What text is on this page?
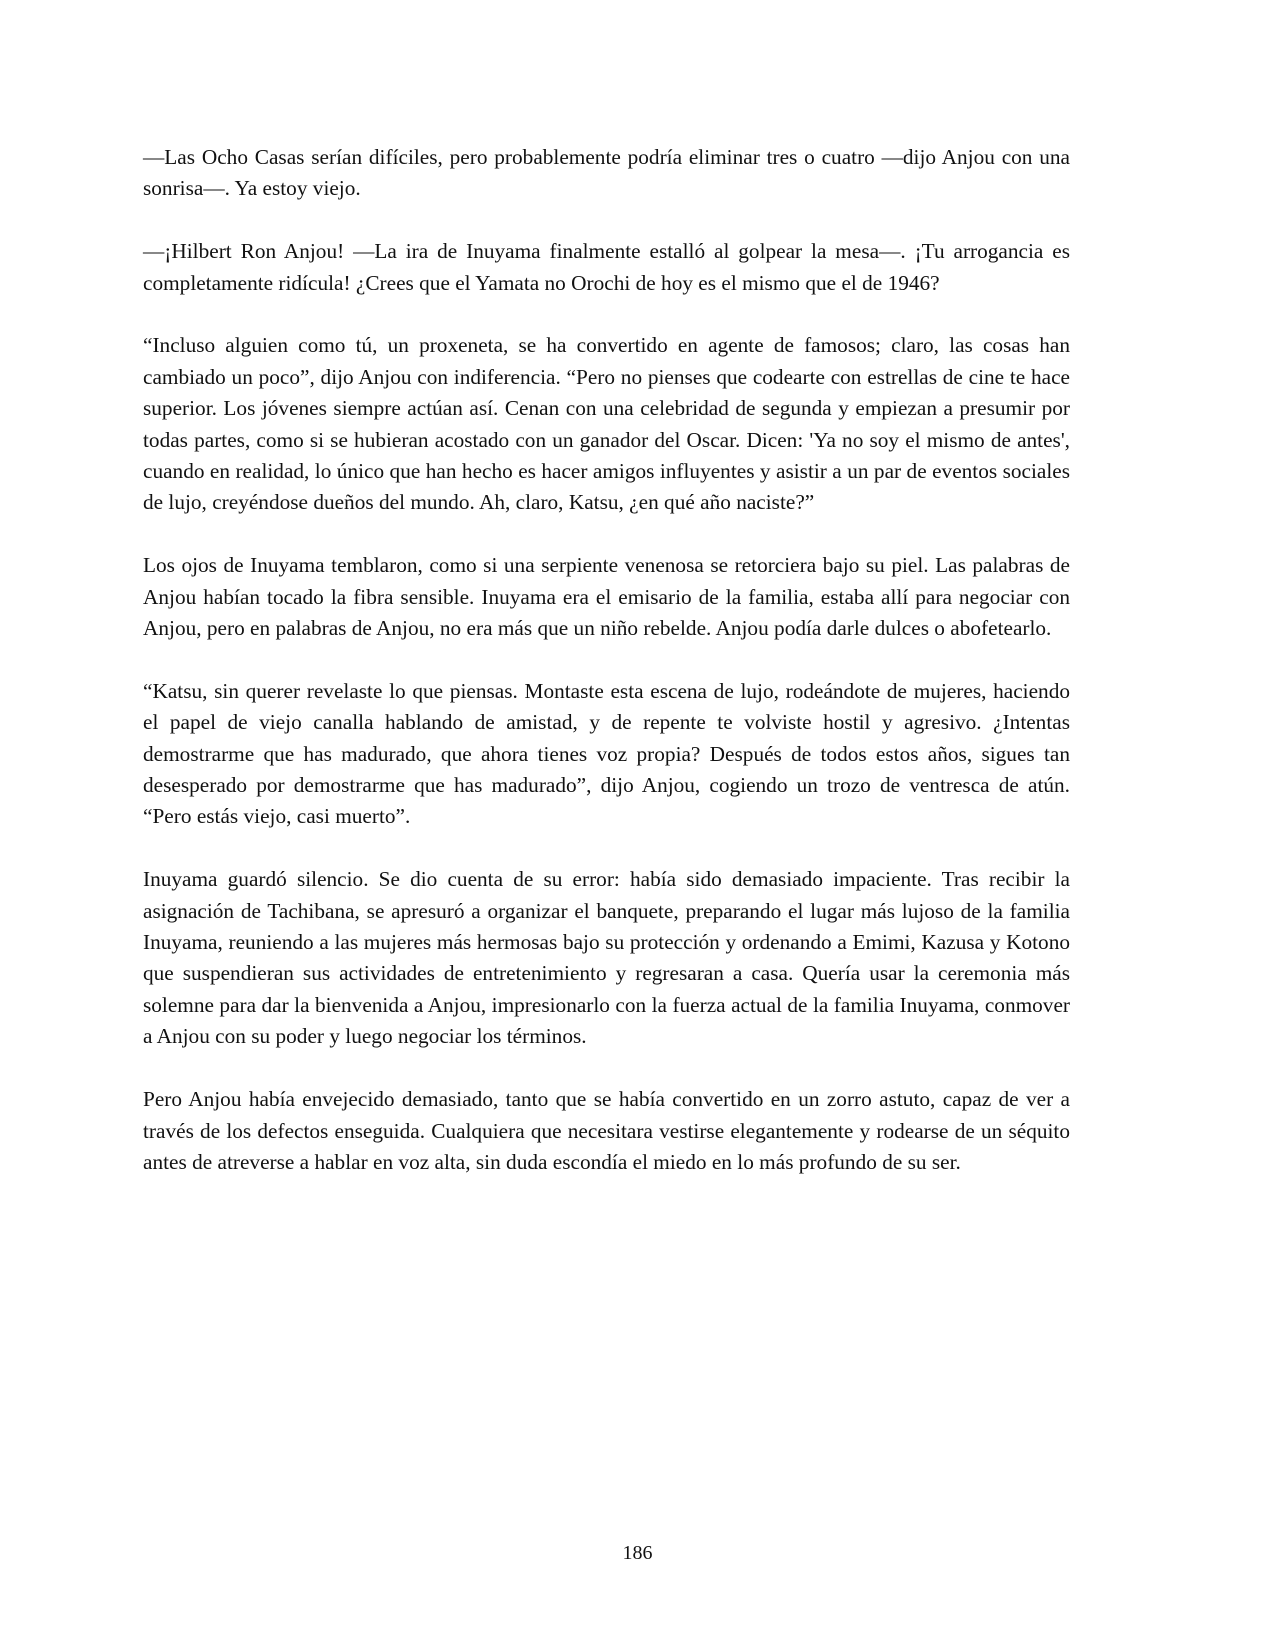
—Las Ocho Casas serían difíciles, pero probablemente podría eliminar tres o cuatro —dijo Anjou con una sonrisa—. Ya estoy viejo.

—¡Hilbert Ron Anjou! —La ira de Inuyama finalmente estalló al golpear la mesa—. ¡Tu arrogancia es completamente ridícula! ¿Crees que el Yamata no Orochi de hoy es el mismo que el de 1946?

“Incluso alguien como tú, un proxeneta, se ha convertido en agente de famosos; claro, las cosas han cambiado un poco”, dijo Anjou con indiferencia. “Pero no pienses que codearte con estrellas de cine te hace superior. Los jóvenes siempre actúan así. Cenan con una celebridad de segunda y empiezan a presumir por todas partes, como si se hubieran acostado con un ganador del Oscar. Dicen: 'Ya no soy el mismo de antes', cuando en realidad, lo único que han hecho es hacer amigos influyentes y asistir a un par de eventos sociales de lujo, creyéndose dueños del mundo. Ah, claro, Katsu, ¿en qué año naciste?”

Los ojos de Inuyama temblaron, como si una serpiente venenosa se retorciera bajo su piel. Las palabras de Anjou habían tocado la fibra sensible. Inuyama era el emisario de la familia, estaba allí para negociar con Anjou, pero en palabras de Anjou, no era más que un niño rebelde. Anjou podía darle dulces o abofetearlo.

“Katsu, sin querer revelaste lo que piensas. Montaste esta escena de lujo, rodeándote de mujeres, haciendo el papel de viejo canalla hablando de amistad, y de repente te volviste hostil y agresivo. ¿Intentas demostrarme que has madurado, que ahora tienes voz propia? Después de todos estos años, sigues tan desesperado por demostrarme que has madurado”, dijo Anjou, cogiendo un trozo de ventresca de atún. “Pero estás viejo, casi muerto”.

Inuyama guardó silencio. Se dio cuenta de su error: había sido demasiado impaciente. Tras recibir la asignación de Tachibana, se apresuró a organizar el banquete, preparando el lugar más lujoso de la familia Inuyama, reuniendo a las mujeres más hermosas bajo su protección y ordenando a Emimi, Kazusa y Kotono que suspendieran sus actividades de entretenimiento y regresaran a casa. Quería usar la ceremonia más solemne para dar la bienvenida a Anjou, impresionarlo con la fuerza actual de la familia Inuyama, conmover a Anjou con su poder y luego negociar los términos.

Pero Anjou había envejecido demasiado, tanto que se había convertido en un zorro astuto, capaz de ver a través de los defectos enseguida. Cualquiera que necesitara vestirse elegantemente y rodearse de un séquito antes de atreverse a hablar en voz alta, sin duda escondía el miedo en lo más profundo de su ser.

186
